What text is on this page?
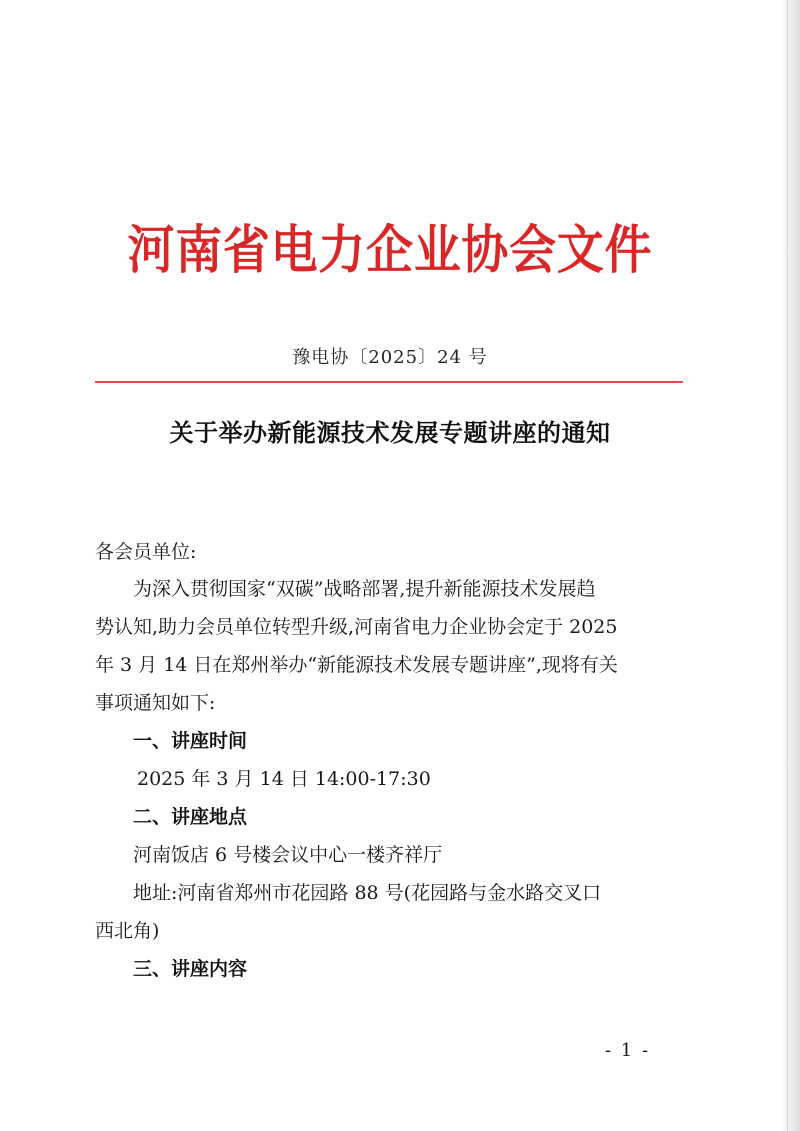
河南省电力企业协会文件
豫电协〔2025〕24 号
关于举办新能源技术发展专题讲座的通知
各会员单位:
为深入贯彻国家“双碳”战略部署,提升新能源技术发展趋
势认知,助力会员单位转型升级,河南省电力企业协会定于 2025
年 3 月 14 日在郑州举办“新能源技术发展专题讲座”,现将有关
事项通知如下:
一、讲座时间
2025 年 3 月 14 日 14:00-17:30
二、讲座地点
河南饭店 6 号楼会议中心一楼齐祥厅
地址:河南省郑州市花园路 88 号(花园路与金水路交叉口
西北角)
三、讲座内容
- 1 -
